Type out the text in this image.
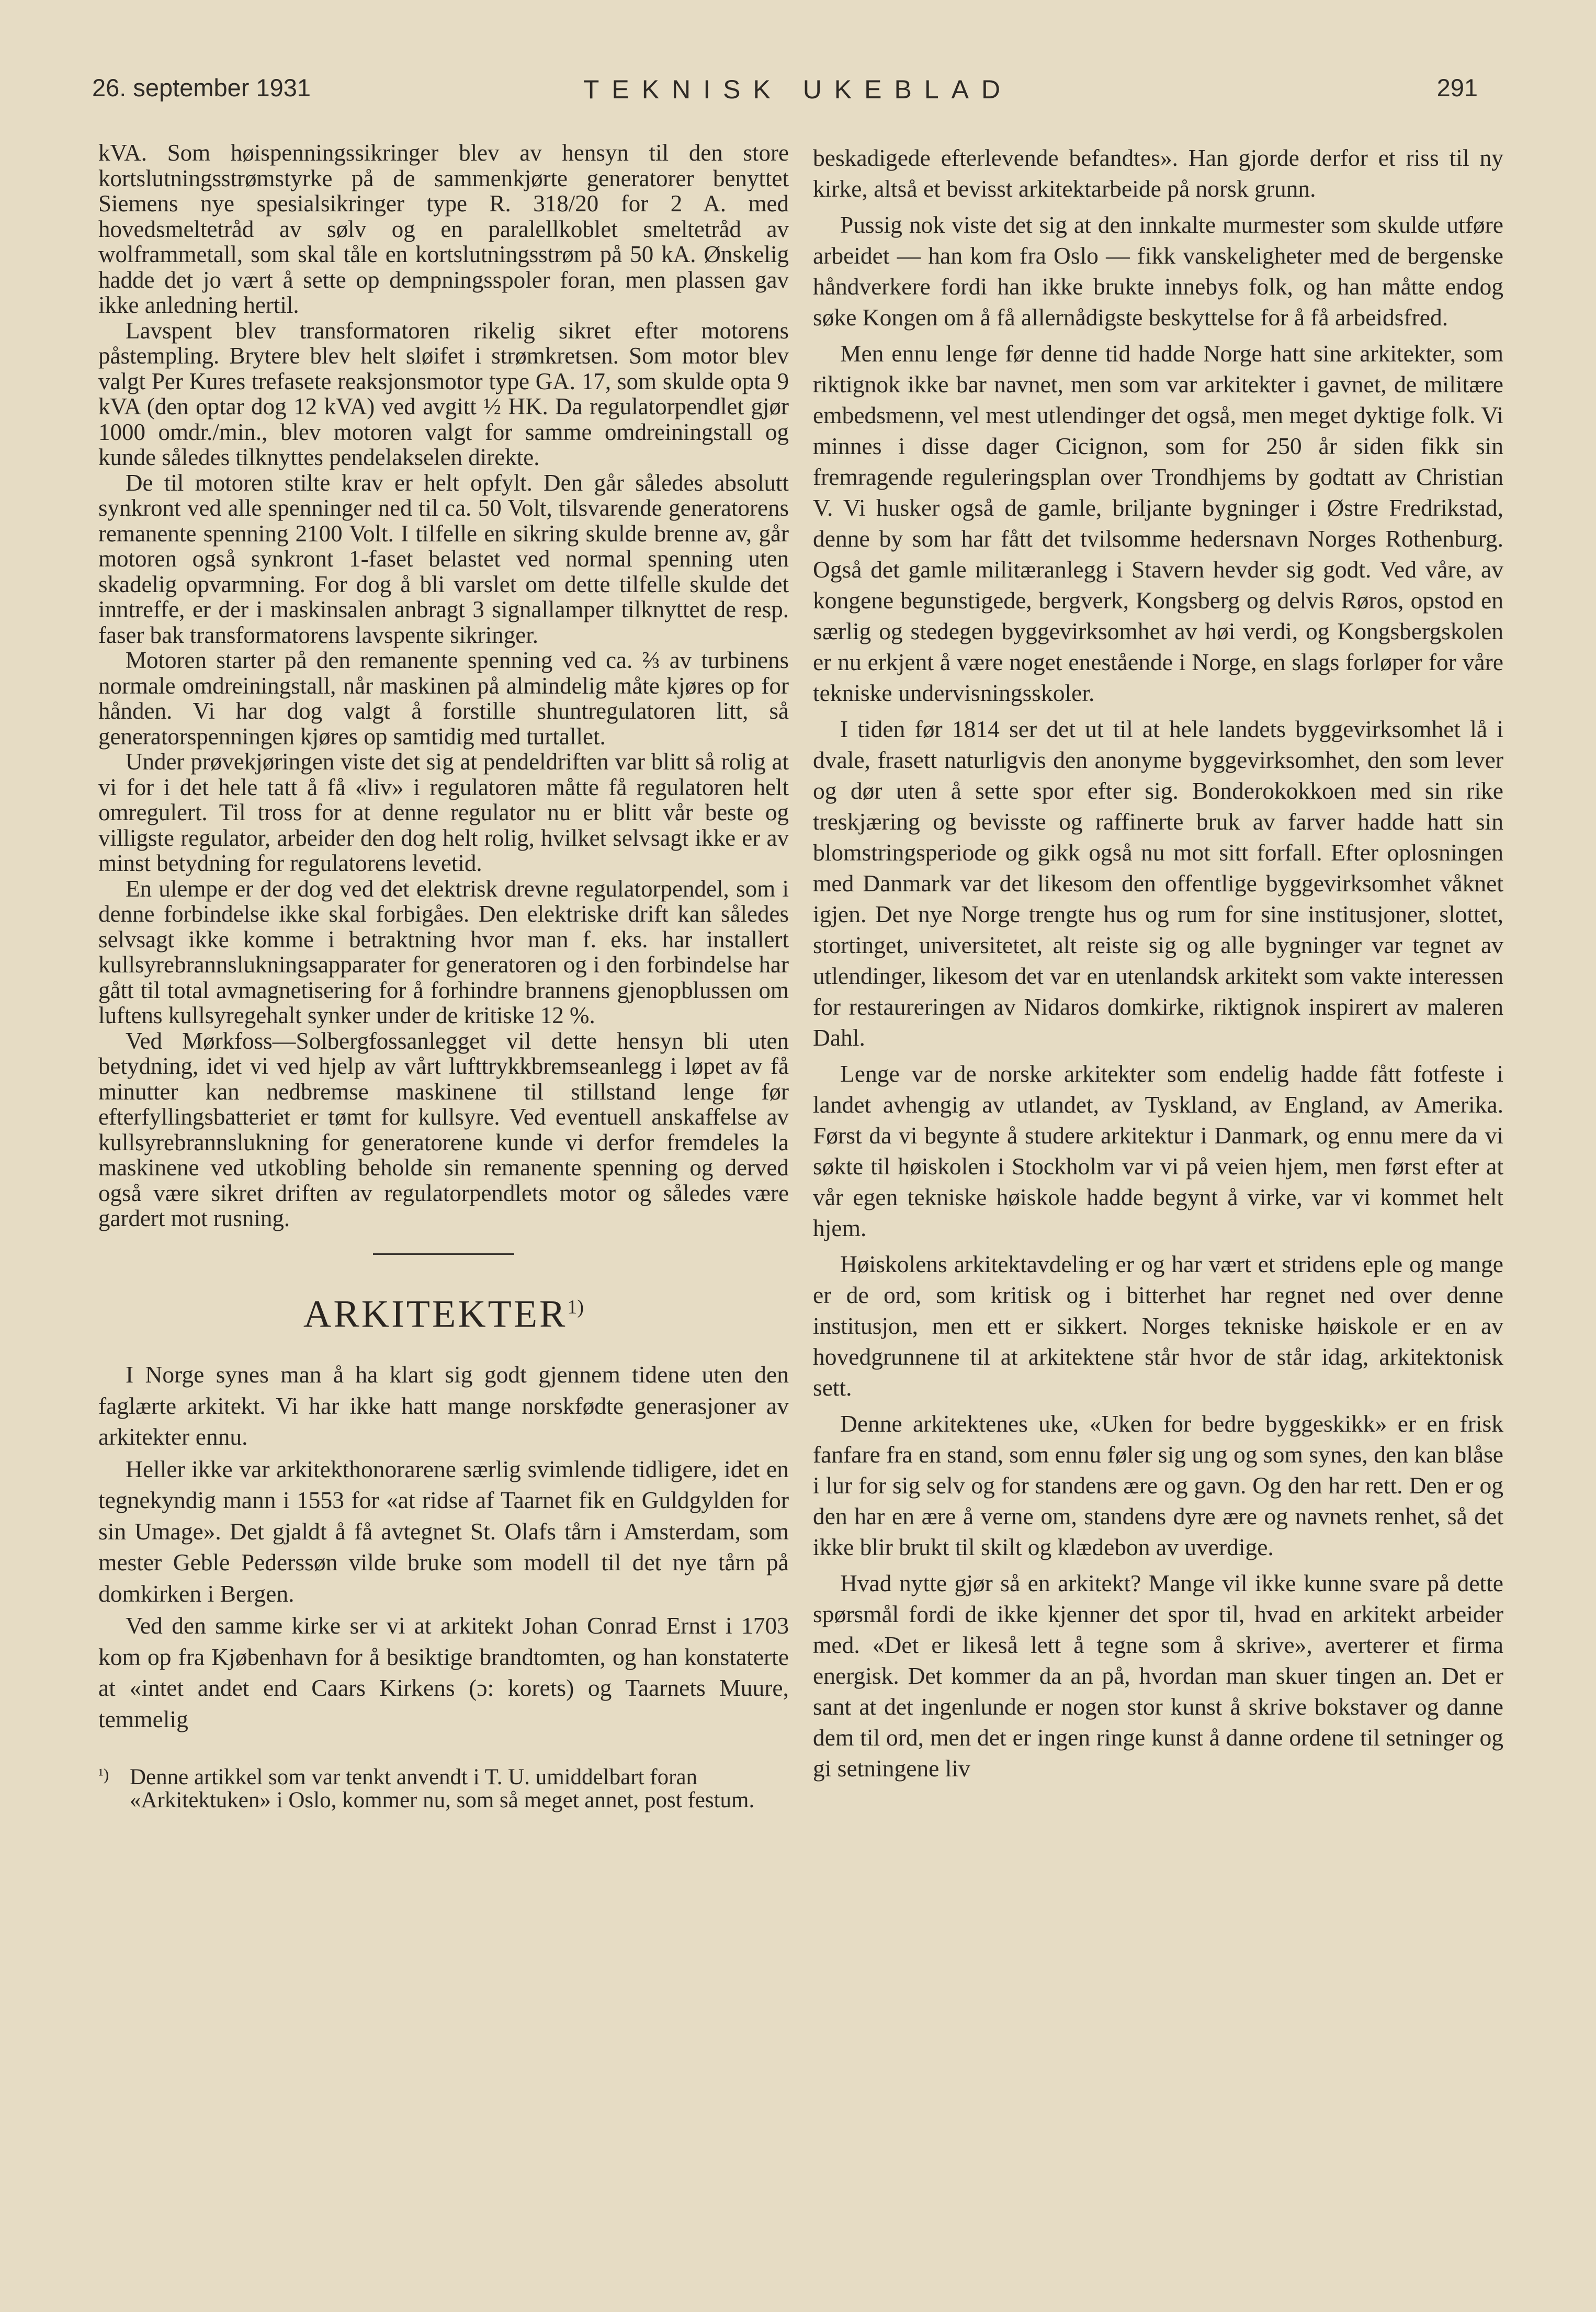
26. september 1931	TEKNISK UKEBLAD	291

kVA. Som høispenningssikringer blev av hensyn til den store kortslutningsstrømstyrke på de sammenkjørte generatorer benyttet Siemens nye spesialsikringer type R. 318/20 for 2 A. med hovedsmeltetråd av sølv og en paralellkoblet smeltetråd av wolframmetall, som skal tåle en kortslutningsstrøm på 50 kA. Ønskelig hadde det jo vært å sette op dempningsspoler foran, men plassen gav ikke anledning hertil.

Lavspent blev transformatoren rikelig sikret efter motorens påstempling. Brytere blev helt sløifet i strømkretsen. Som motor blev valgt Per Kures trefasete reaksjonsmotor type GA. 17, som skulde opta 9 kVA (den optar dog 12 kVA) ved avgitt ½ HK. Da regulatorpendlet gjør 1000 omdr./min., blev motoren valgt for samme omdreiningstall og kunde således tilknyttes pendelakselen direkte.

De til motoren stilte krav er helt opfylt. Den går således absolutt synkront ved alle spenninger ned til ca. 50 Volt, tilsvarende generatorens remanente spenning 2100 Volt. I tilfelle en sikring skulde brenne av, går motoren også synkront 1-faset belastet ved normal spenning uten skadelig opvarmning. For dog å bli varslet om dette tilfelle skulde det inntreffe, er der i maskinsalen anbragt 3 signallamper tilknyttet de resp. faser bak transformatorens lavspente sikringer.

Motoren starter på den remanente spenning ved ca. ⅔ av turbinens normale omdreiningstall, når maskinen på almindelig måte kjøres op for hånden. Vi har dog valgt å forstille shuntregulatoren litt, så generatorspenningen kjøres op samtidig med turtallet.

Under prøvekjøringen viste det sig at pendeldriften var blitt så rolig at vi for i det hele tatt å få «liv» i regulatoren måtte få regulatoren helt omregulert. Til tross for at denne regulator nu er blitt vår beste og villigste regulator, arbeider den dog helt rolig, hvilket selvsagt ikke er av minst betydning for regulatorens levetid.

En ulempe er der dog ved det elektrisk drevne regulatorpendel, som i denne forbindelse ikke skal forbigåes. Den elektriske drift kan således selvsagt ikke komme i betraktning hvor man f. eks. har installert kullsyrebrannslukningsapparater for generatoren og i den forbindelse har gått til total avmagnetisering for å forhindre brannens gjenopblussen om luftens kullsyregehalt synker under de kritiske 12 %.

Ved Mørkfoss—Solbergfossanlegget vil dette hensyn bli uten betydning, idet vi ved hjelp av vårt lufttrykkbremseanlegg i løpet av få minutter kan nedbremse maskinene til stillstand lenge før efterfyllingsbatteriet er tømt for kullsyre. Ved eventuell anskaffelse av kullsyrebrannslukning for generatorene kunde vi derfor fremdeles la maskinene ved utkobling beholde sin remanente spenning og derved også være sikret driften av regulatorpendlets motor og således være gardert mot rusning.

ARKITEKTER$^{1)}$

I Norge synes man å ha klart sig godt gjennem tidene uten den faglærte arkitekt. Vi har ikke hatt mange norskfødte generasjoner av arkitekter ennu.

Heller ikke var arkitekthonorarene særlig svimlende tidligere, idet en tegnekyndig mann i 1553 for «at ridse af Taarnet fik en Guldgylden for sin Umage». Det gjaldt å få avtegnet St. Olafs tårn i Amsterdam, som mester Geble Pederssøn vilde bruke som modell til det nye tårn på domkirken i Bergen.

Ved den samme kirke ser vi at arkitekt Johan Conrad Ernst i 1703 kom op fra Kjøbenhavn for å besiktige brandtomten, og han konstaterte at «intet andet end Caars Kirkens (ɔ: korets) og Taarnets Muure, temmelig

¹) Denne artikkel som var tenkt anvendt i T. U. umiddelbart foran «Arkitektuken» i Oslo, kommer nu, som så meget annet, post festum.

beskadigede efterlevende befandtes». Han gjorde derfor et riss til ny kirke, altså et bevisst arkitektarbeide på norsk grunn.

Pussig nok viste det sig at den innkalte murmester som skulde utføre arbeidet — han kom fra Oslo — fikk vanskeligheter med de bergenske håndverkere fordi han ikke brukte innebys folk, og han måtte endog søke Kongen om å få allernådigste beskyttelse for å få arbeidsfred.

Men ennu lenge før denne tid hadde Norge hatt sine arkitekter, som riktignok ikke bar navnet, men som var arkitekter i gavnet, de militære embedsmenn, vel mest utlendinger det også, men meget dyktige folk. Vi minnes i disse dager Cicignon, som for 250 år siden fikk sin fremragende reguleringsplan over Trondhjems by godtatt av Christian V. Vi husker også de gamle, briljante bygninger i Østre Fredrikstad, denne by som har fått det tvilsomme hedersnavn Norges Rothenburg. Også det gamle militæranlegg i Stavern hevder sig godt. Ved våre, av kongene begunstigede, bergverk, Kongsberg og delvis Røros, opstod en særlig og stedegen byggevirksomhet av høi verdi, og Kongsbergskolen er nu erkjent å være noget enestående i Norge, en slags forløper for våre tekniske undervisningsskoler.

I tiden før 1814 ser det ut til at hele landets byggevirksomhet lå i dvale, frasett naturligvis den anonyme byggevirksomhet, den som lever og dør uten å sette spor efter sig. Bonderokokkoen med sin rike treskjæring og bevisste og raffinerte bruk av farver hadde hatt sin blomstringsperiode og gikk også nu mot sitt forfall. Efter oplosningen med Danmark var det likesom den offentlige byggevirksomhet våknet igjen. Det nye Norge trengte hus og rum for sine institusjoner, slottet, stortinget, universitetet, alt reiste sig og alle bygninger var tegnet av utlendinger, likesom det var en utenlandsk arkitekt som vakte interessen for restaureringen av Nidaros domkirke, riktignok inspirert av maleren Dahl.

Lenge var de norske arkitekter som endelig hadde fått fotfeste i landet avhengig av utlandet, av Tyskland, av England, av Amerika. Først da vi begynte å studere arkitektur i Danmark, og ennu mere da vi søkte til høiskolen i Stockholm var vi på veien hjem, men først efter at vår egen tekniske høiskole hadde begynt å virke, var vi kommet helt hjem.

Høiskolens arkitektavdeling er og har vært et stridens eple og mange er de ord, som kritisk og i bitterhet har regnet ned over denne institusjon, men ett er sikkert. Norges tekniske høiskole er en av hovedgrunnene til at arkitektene står hvor de står idag, arkitektonisk sett.

Denne arkitektenes uke, «Uken for bedre byggeskikk» er en frisk fanfare fra en stand, som ennu føler sig ung og som synes, den kan blåse i lur for sig selv og for standens ære og gavn. Og den har rett. Den er og den har en ære å verne om, standens dyre ære og navnets renhet, så det ikke blir brukt til skilt og klædebon av uverdige.

Hvad nytte gjør så en arkitekt? Mange vil ikke kunne svare på dette spørsmål fordi de ikke kjenner det spor til, hvad en arkitekt arbeider med. «Det er likeså lett å tegne som å skrive», averterer et firma energisk. Det kommer da an på, hvordan man skuer tingen an. Det er sant at det ingenlunde er nogen stor kunst å skrive bokstaver og danne dem til ord, men det er ingen ringe kunst å danne ordene til setninger og gi setningene liv
